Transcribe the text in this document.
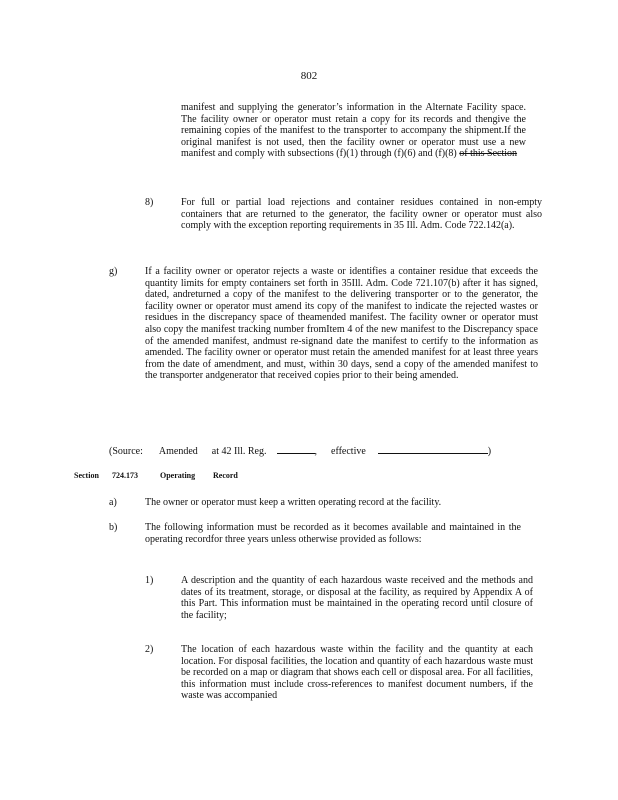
802
manifest and supplying the generator’s information in the Alternate Facility space. The facility owner or operator must retain a copy for its records and thengive the remaining copies of the manifest to the transporter to accompany the shipment.If the original manifest is not used, then the facility owner or operator must use a new manifest and comply with subsections (f)(1) through (f)(6) and (f)(8) of this Section
8)	For full or partial load rejections and container residues contained in non-empty containers that are returned to the generator, the facility owner or operator must also comply with the exception reporting requirements in 35 Ill. Adm. Code 722.142(a).
g)	If a facility owner or operator rejects a waste or identifies a container residue that exceeds the quantity limits for empty containers set forth in 35Ill. Adm. Code 721.107(b) after it has signed, dated, andreturned a copy of the manifest to the delivering transporter or to the generator, the facility owner or operator must amend its copy of the manifest to indicate the rejected wastes or residues in the discrepancy space of theamended manifest. The facility owner or operator must also copy the manifest tracking number fromItem 4 of the new manifest to the Discrepancy space of the amended manifest, andmust re-signand date the manifest to certify to the information as amended. The facility owner or operator must retain the amended manifest for at least three years from the date of amendment, and must, within 30 days, send a copy of the amended manifest to the transporter andgenerator that received copies prior to their being amended.
(Source: Amended at 42 Ill. Reg.	, effective	)
Section 724.173	Operating Record
a)	The owner or operator must keep a written operating record at the facility.
b)	The following information must be recorded as it becomes available and maintained in the operating recordfor three years unless otherwise provided as follows:
1)	A description and the quantity of each hazardous waste received and the methods and dates of its treatment, storage, or disposal at the facility, as required by Appendix A of this Part. This information must be maintained in the operating record until closure of the facility;
2)	The location of each hazardous waste within the facility and the quantity at each location. For disposal facilities, the location and quantity of each hazardous waste must be recorded on a map or diagram that shows each cell or disposal area. For all facilities, this information must include cross-references to manifest document numbers, if the waste was accompanied
